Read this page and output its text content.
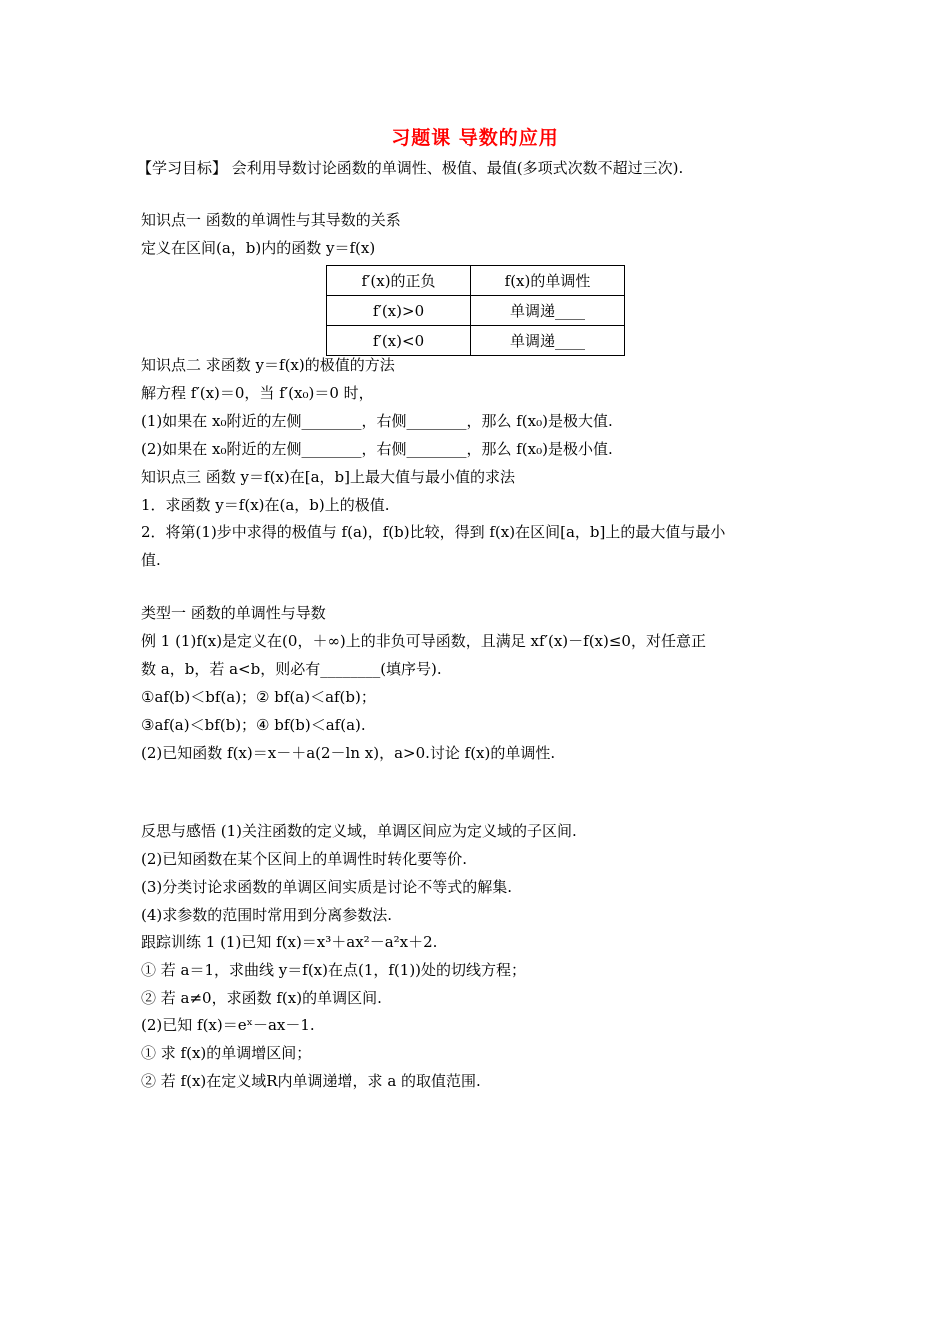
习题课 导数的应用
【学习目标】 会利用导数讨论函数的单调性、极值、最值(多项式次数不超过三次).
知识点一 函数的单调性与其导数的关系
定义在区间(a，b)内的函数 y＝f(x)
f′(x)的正负	f(x)的单调性
f′(x)>0	单调递____
f′(x)<0	单调递____
知识点二 求函数 y＝f(x)的极值的方法
解方程 f′(x)＝0，当 f′(x₀)＝0 时，
(1)如果在 x₀附近的左侧________，右侧________，那么 f(x₀)是极大值.
(2)如果在 x₀附近的左侧________，右侧________，那么 f(x₀)是极小值.
知识点三 函数 y＝f(x)在[a，b]上最大值与最小值的求法
1．求函数 y＝f(x)在(a，b)上的极值.
2．将第(1)步中求得的极值与 f(a)，f(b)比较，得到 f(x)在区间[a，b]上的最大值与最小
值.
类型一 函数的单调性与导数
例 1 (1)f(x)是定义在(0，＋∞)上的非负可导函数，且满足 xf′(x)－f(x)≤0，对任意正
数 a，b，若 a<b，则必有________(填序号).
①af(b)＜bf(a)；② bf(a)＜af(b)；
③af(a)＜bf(b)；④ bf(b)＜af(a).
(2)已知函数 f(x)＝x－＋a(2－ln x)，a>0.讨论 f(x)的单调性.
反思与感悟 (1)关注函数的定义域，单调区间应为定义域的子区间.
(2)已知函数在某个区间上的单调性时转化要等价.
(3)分类讨论求函数的单调区间实质是讨论不等式的解集.
(4)求参数的范围时常用到分离参数法.
跟踪训练 1 (1)已知 f(x)＝x³＋ax²－a²x＋2.
① 若 a＝1，求曲线 y＝f(x)在点(1，f(1))处的切线方程；
② 若 a≠0，求函数 f(x)的单调区间.
(2)已知 f(x)＝eˣ－ax－1.
① 求 f(x)的单调增区间；
② 若 f(x)在定义域R内单调递增，求 a 的取值范围.
